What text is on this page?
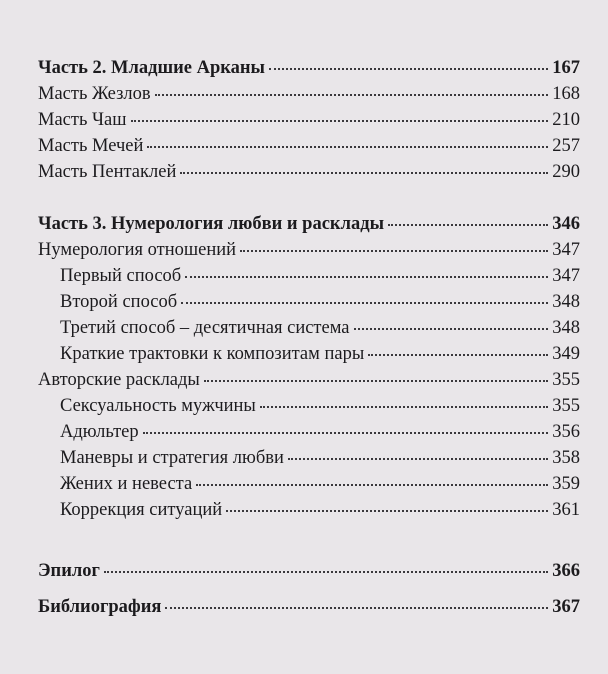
Часть 2. Младшие Арканы	167
Масть Жезлов	168
Масть Чаш	210
Масть Мечей	257
Масть Пентаклей	290
Часть 3. Нумерология любви и расклады	346
Нумерология отношений	347
Первый способ	347
Второй способ	348
Третий способ – десятичная система	348
Краткие трактовки к композитам пары	349
Авторские расклады	355
Сексуальность мужчины	355
Адюльтер	356
Маневры и стратегия любви	358
Жених и невеста	359
Коррекция ситуаций	361
Эпилог	366
Библиография	367
